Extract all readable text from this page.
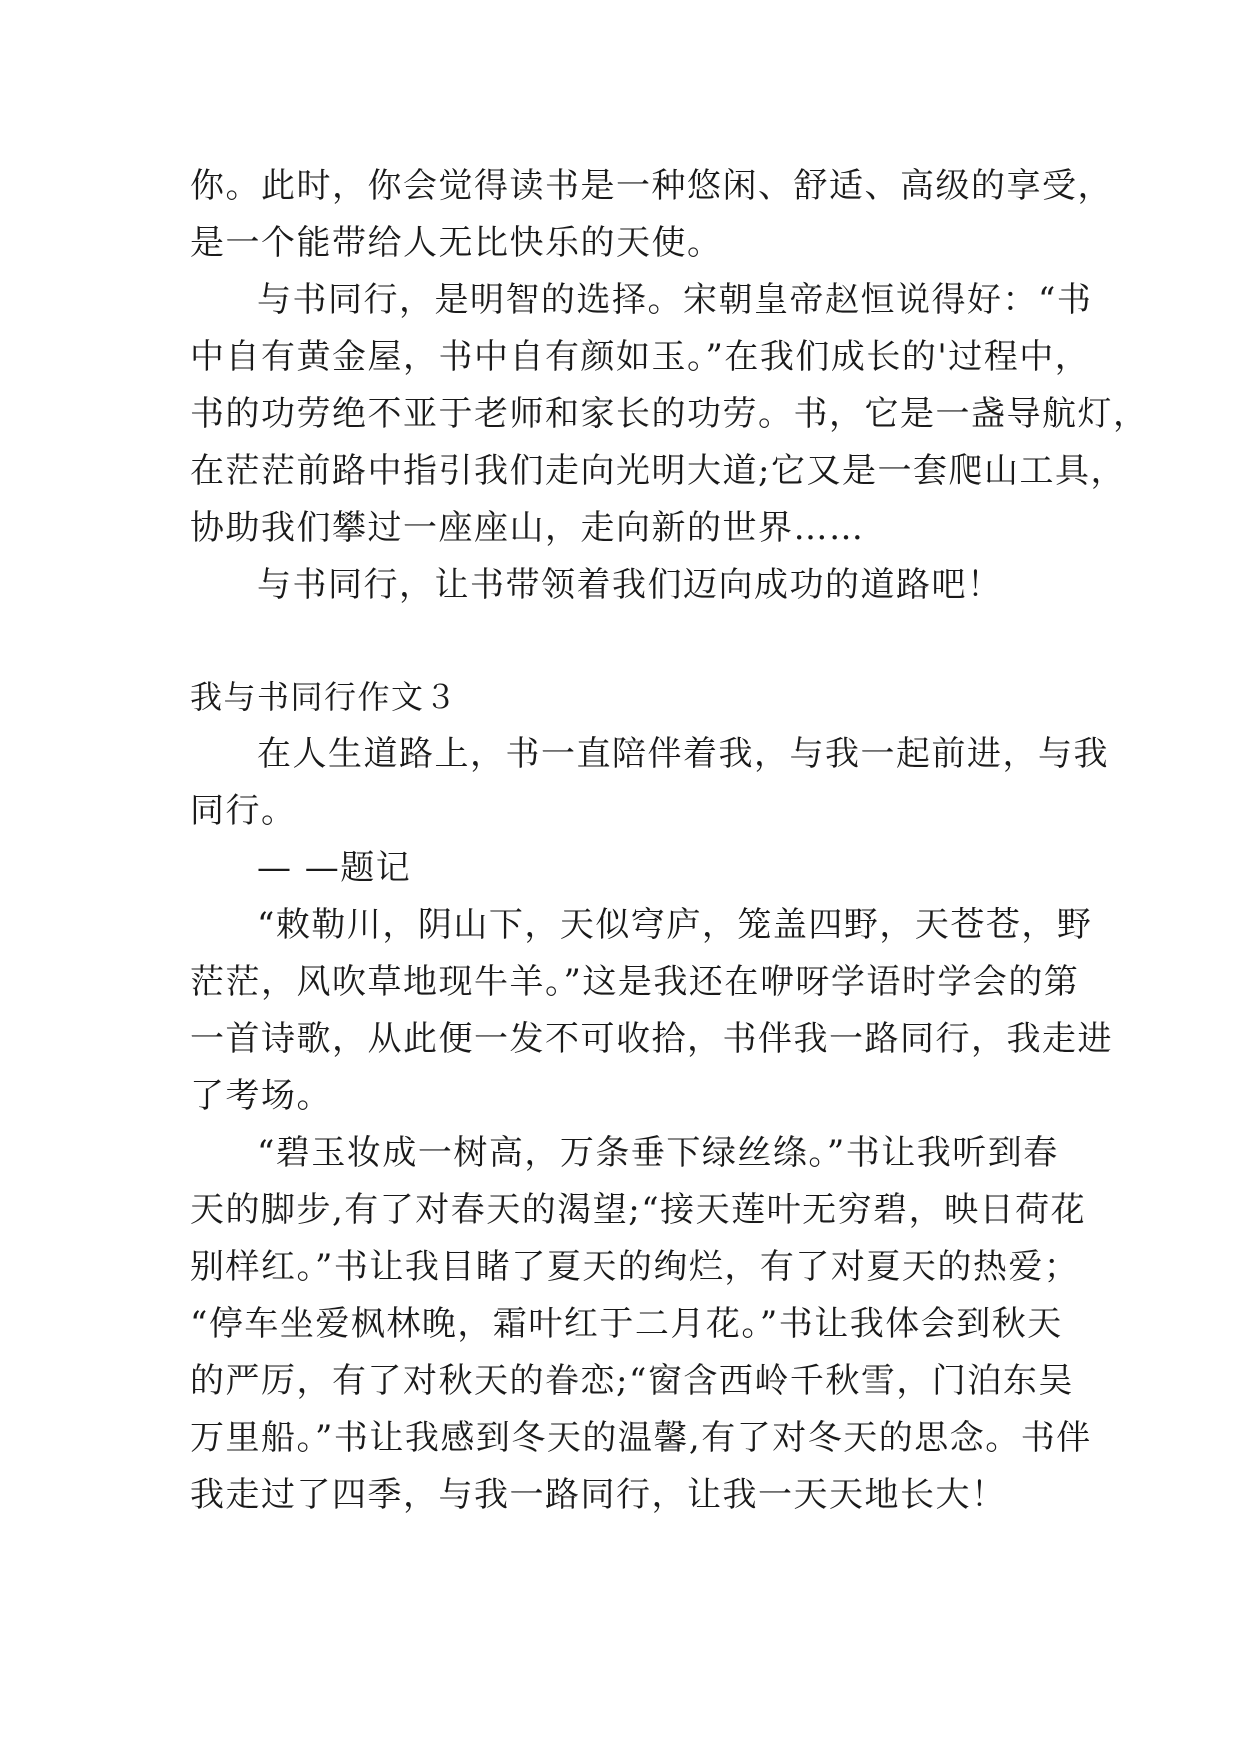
你。此时，你会觉得读书是一种悠闲、舒适、高级的享受，
是一个能带给人无比快乐的天使。
与书同行，是明智的选择。宋朝皇帝赵恒说得好：“书
中自有黄金屋，书中自有颜如玉。”在我们成长的'过程中，
书的功劳绝不亚于老师和家长的功劳。书，它是一盏导航灯，
在茫茫前路中指引我们走向光明大道;它又是一套爬山工具，
协助我们攀过一座座山，走向新的世界……
与书同行，让书带领着我们迈向成功的道路吧！
我与书同行作文３
在人生道路上，书一直陪伴着我，与我一起前进，与我
同行。
— —题记
“敕勒川，阴山下，天似穹庐，笼盖四野，天苍苍，野
茫茫，风吹草地现牛羊。”这是我还在咿呀学语时学会的第
一首诗歌，从此便一发不可收拾，书伴我一路同行，我走进
了考场。
“碧玉妆成一树高，万条垂下绿丝绦。”书让我听到春
天的脚步,有了对春天的渴望;“接天莲叶无穷碧，映日荷花
别样红。”书让我目睹了夏天的绚烂，有了对夏天的热爱；
“停车坐爱枫林晚，霜叶红于二月花。”书让我体会到秋天
的严厉，有了对秋天的眷恋;“窗含西岭千秋雪，门泊东吴
万里船。”书让我感到冬天的温馨,有了对冬天的思念。书伴
我走过了四季，与我一路同行，让我一天天地长大！
